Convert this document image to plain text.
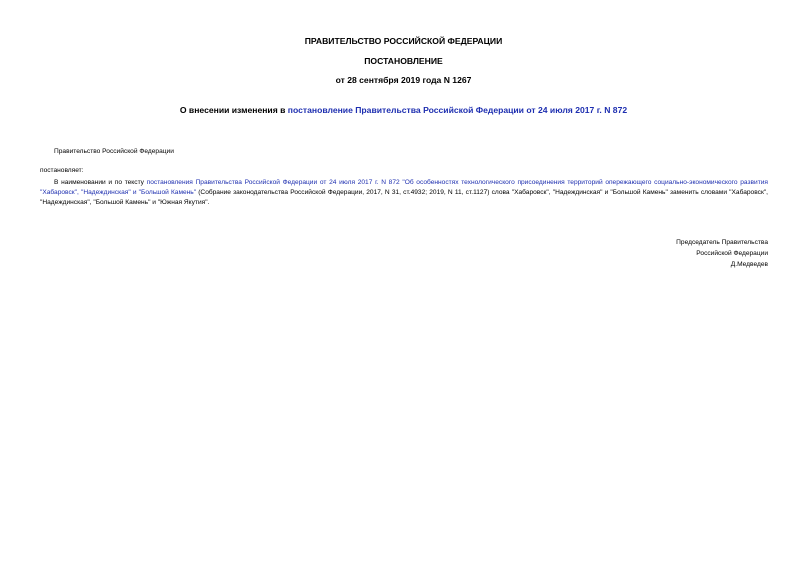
ПРАВИТЕЛЬСТВО РОССИЙСКОЙ ФЕДЕРАЦИИ
ПОСТАНОВЛЕНИЕ
от 28 сентября 2019 года N 1267
О внесении изменения в постановление Правительства Российской Федерации от 24 июля 2017 г. N 872
Правительство Российской Федерации
постановляет:
В наименовании и по тексту постановления Правительства Российской Федерации от 24 июля 2017 г. N 872 "Об особенностях технологического присоединения территорий опережающего социально-экономического развития "Хабаровск", "Надеждинская" и "Большой Камень" (Собрание законодательства Российской Федерации, 2017, N 31, ст.4932; 2019, N 11, ст.1127) слова "Хабаровск", "Надеждинская" и "Большой Камень" заменить словами "Хабаровск", "Надеждинская", "Большой Камень" и "Южная Якутия".
Председатель Правительства
Российской Федерации
Д.Медведев
